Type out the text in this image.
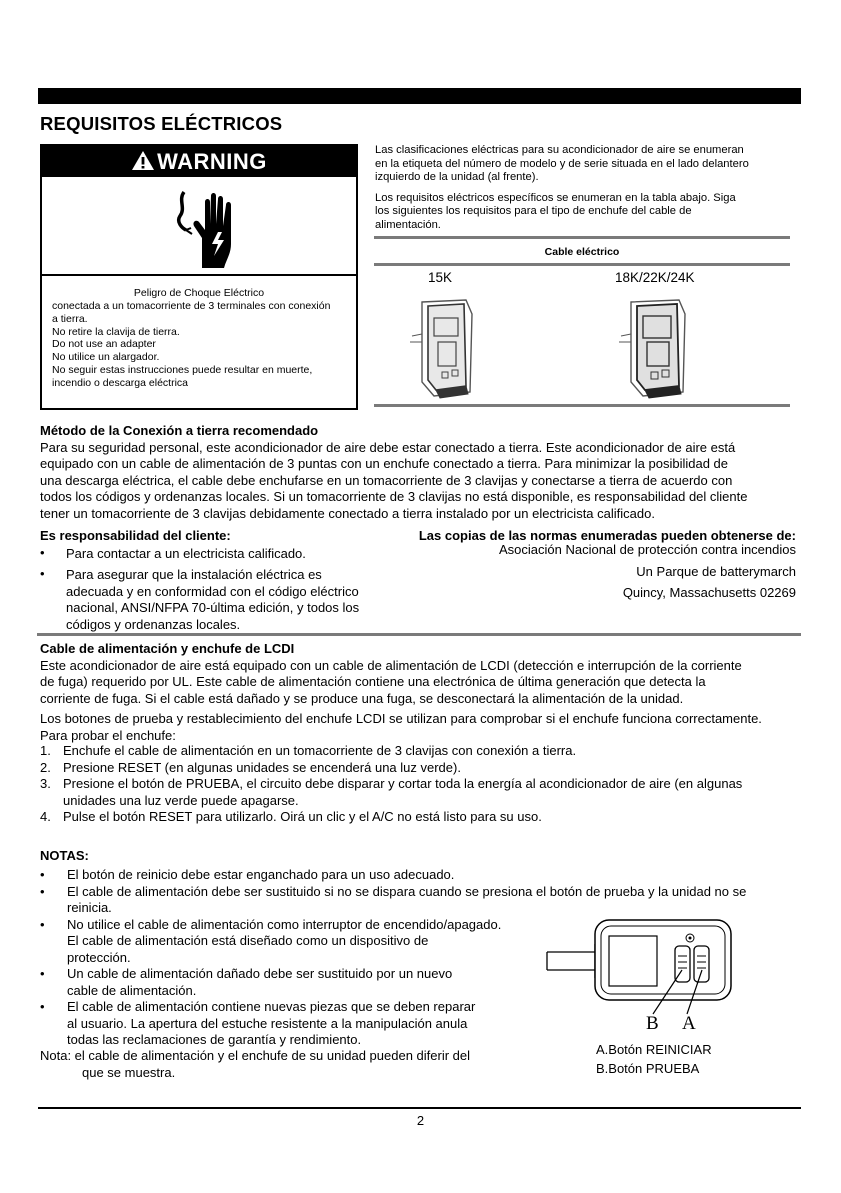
REQUISITOS ELÉCTRICOS
WARNING
Peligro de Choque Eléctrico
conectada a un tomacorriente de 3 terminales con conexión
a tierra.
No retire la clavija de tierra.
Do not use an adapter
No utilice un alargador.
No seguir estas instrucciones puede resultar en muerte,
incendio o descarga eléctrica
Las clasificaciones eléctricas para su acondicionador de aire se enumeran
en la etiqueta del número de modelo y de serie situada en el lado delantero
izquierdo de la unidad (al frente).
Los requisitos eléctricos específicos se enumeran en la tabla abajo. Siga
los siguientes los requisitos para el tipo de enchufe del cable de
alimentación.
Cable eléctrico
15K	18K/22K/24K
Método de la Conexión a tierra recomendado
Para su seguridad personal, este acondicionador de aire debe estar conectado a tierra. Este acondicionador de aire está
equipado con un cable de alimentación de 3 puntas con un enchufe conectado a tierra. Para minimizar la posibilidad de
una descarga eléctrica, el cable debe enchufarse en un tomacorriente de 3 clavijas y conectarse a tierra de acuerdo con
todos los códigos y ordenanzas locales. Si un tomacorriente de 3 clavijas no está disponible, es responsabilidad del cliente
tener un tomacorriente de 3 clavijas debidamente conectado a tierra instalado por un electricista calificado.
Es responsabilidad del cliente:
• Para contactar a un electricista calificado.
• Para asegurar que la instalación eléctrica es
adecuada y en conformidad con el código eléctrico
nacional, ANSI/NFPA 70-última edición, y todos los
códigos y ordenanzas locales.
Las copias de las normas enumeradas pueden obtenerse de:
Asociación Nacional de protección contra incendios
Un Parque de batterymarch
Quincy, Massachusetts 02269
Cable de alimentación y enchufe de LCDI
Este acondicionador de aire está equipado con un cable de alimentación de LCDI (detección e interrupción de la corriente
de fuga) requerido por UL. Este cable de alimentación contiene una electrónica de última generación que detecta la
corriente de fuga. Si el cable está dañado y se produce una fuga, se desconectará la alimentación de la unidad.
Los botones de prueba y restablecimiento del enchufe LCDI se utilizan para comprobar si el enchufe funciona correctamente.
Para probar el enchufe:
1. Enchufe el cable de alimentación en un tomacorriente de 3 clavijas con conexión a tierra.
2. Presione RESET (en algunas unidades se encenderá una luz verde).
3. Presione el botón de PRUEBA, el circuito debe disparar y cortar toda la energía al acondicionador de aire (en algunas
unidades una luz verde puede apagarse.
4. Pulse el botón RESET para utilizarlo. Oirá un clic y el A/C no está listo para su uso.
NOTAS:
• El botón de reinicio debe estar enganchado para un uso adecuado.
• El cable de alimentación debe ser sustituido si no se dispara cuando se presiona el botón de prueba y la unidad no se
reinicia.
• No utilice el cable de alimentación como interruptor de encendido/apagado.
El cable de alimentación está diseñado como un dispositivo de
protección.
• Un cable de alimentación dañado debe ser sustituido por un nuevo
cable de alimentación.
• El cable de alimentación contiene nuevas piezas que se deben reparar
al usuario. La apertura del estuche resistente a la manipulación anula
todas las reclamaciones de garantía y rendimiento.
Nota: el cable de alimentación y el enchufe de su unidad pueden diferir del
que se muestra.
B A
A.Botón REINICIAR
B.Botón PRUEBA
2
